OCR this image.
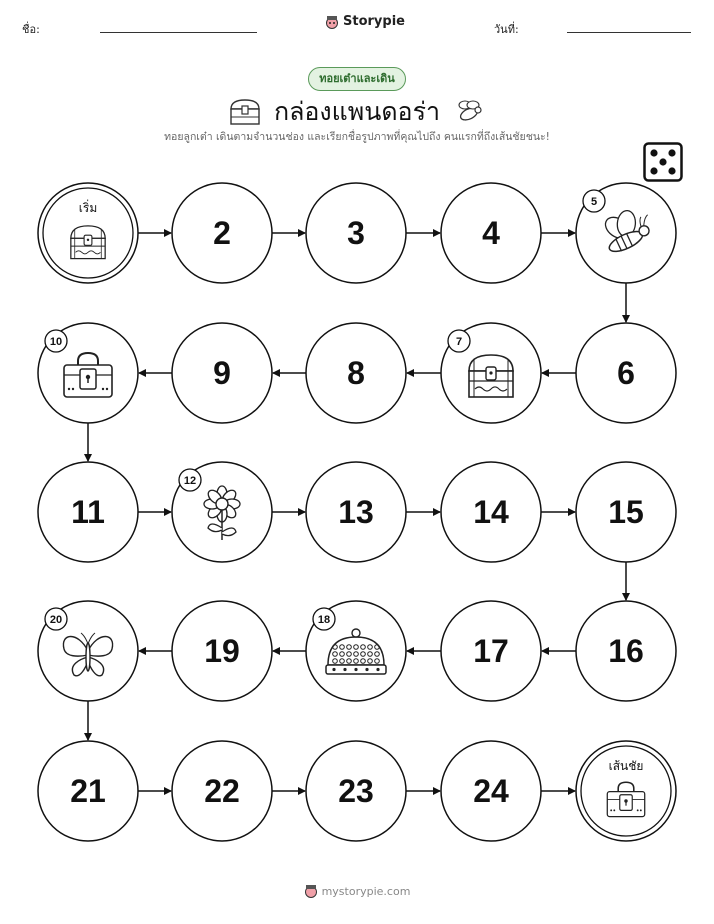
ชื่อ:
Storypie
วันที่:
ทอยเต๋าและเดิน
กล่องแพนดอร่า
ทอยลูกเต๋า เดินตามจำนวนช่อง และเรียกชื่อรูปภาพที่คุณไปถึง คนแรกที่ถึงเส้นชัยชนะ!
เริ่ม
2	3	4
5
6
7
8
9
10
11
12
13	14	15
16
17
18
19
20
21	22	23	24
เส้นชัย
mystorypie.com
